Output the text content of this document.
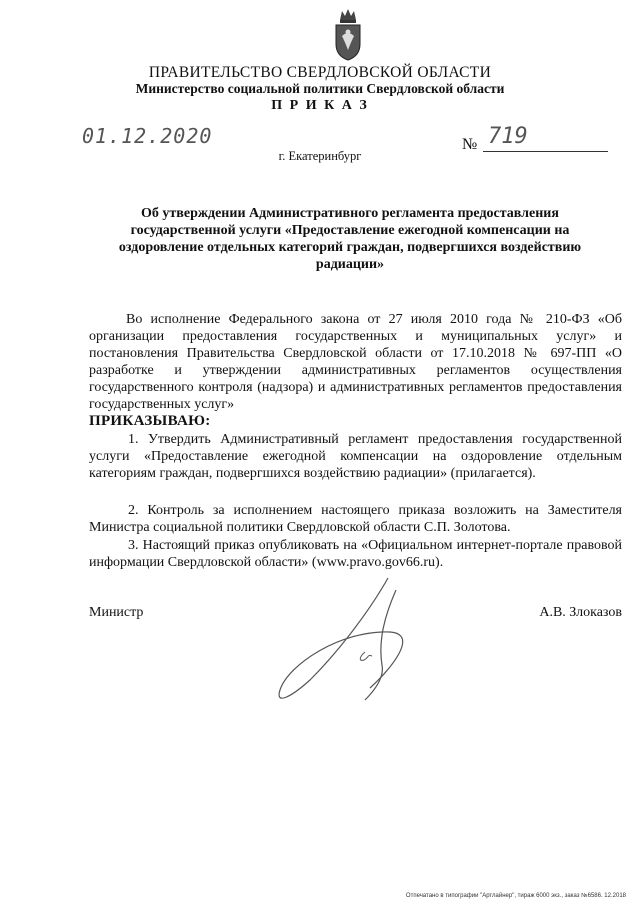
ПРАВИТЕЛЬСТВО СВЕРДЛОВСКОЙ ОБЛАСТИ
Министерство социальной политики Свердловской области
П Р И К А З
01.12.2020	№ 719
г. Екатеринбург
Об утверждении Административного регламента предоставления государственной услуги «Предоставление ежегодной компенсации на оздоровление отдельных категорий граждан, подвергшихся воздействию радиации»
Во исполнение Федерального закона от 27 июля 2010 года № 210-ФЗ «Об организации предоставления государственных и муниципальных услуг» и постановления Правительства Свердловской области от 17.10.2018 № 697-ПП «О разработке и утверждении административных регламентов осуществления государственного контроля (надзора) и административных регламентов предоставления государственных услуг»
ПРИКАЗЫВАЮ:
1. Утвердить Административный регламент предоставления государственной услуги «Предоставление ежегодной компенсации на оздоровление отдельным категориям граждан, подвергшихся воздействию радиации» (прилагается).
2. Контроль за исполнением настоящего приказа возложить на Заместителя Министра социальной политики Свердловской области С.П. Золотова.
3. Настоящий приказ опубликовать на «Официальном интернет-портале правовой информации Свердловской области» (www.pravo.gov66.ru).
Министр	А.В. Злоказов
Отпечатано в типографии "Артлайнер", тираж 6000 экз., заказ №6586. 12.2018
